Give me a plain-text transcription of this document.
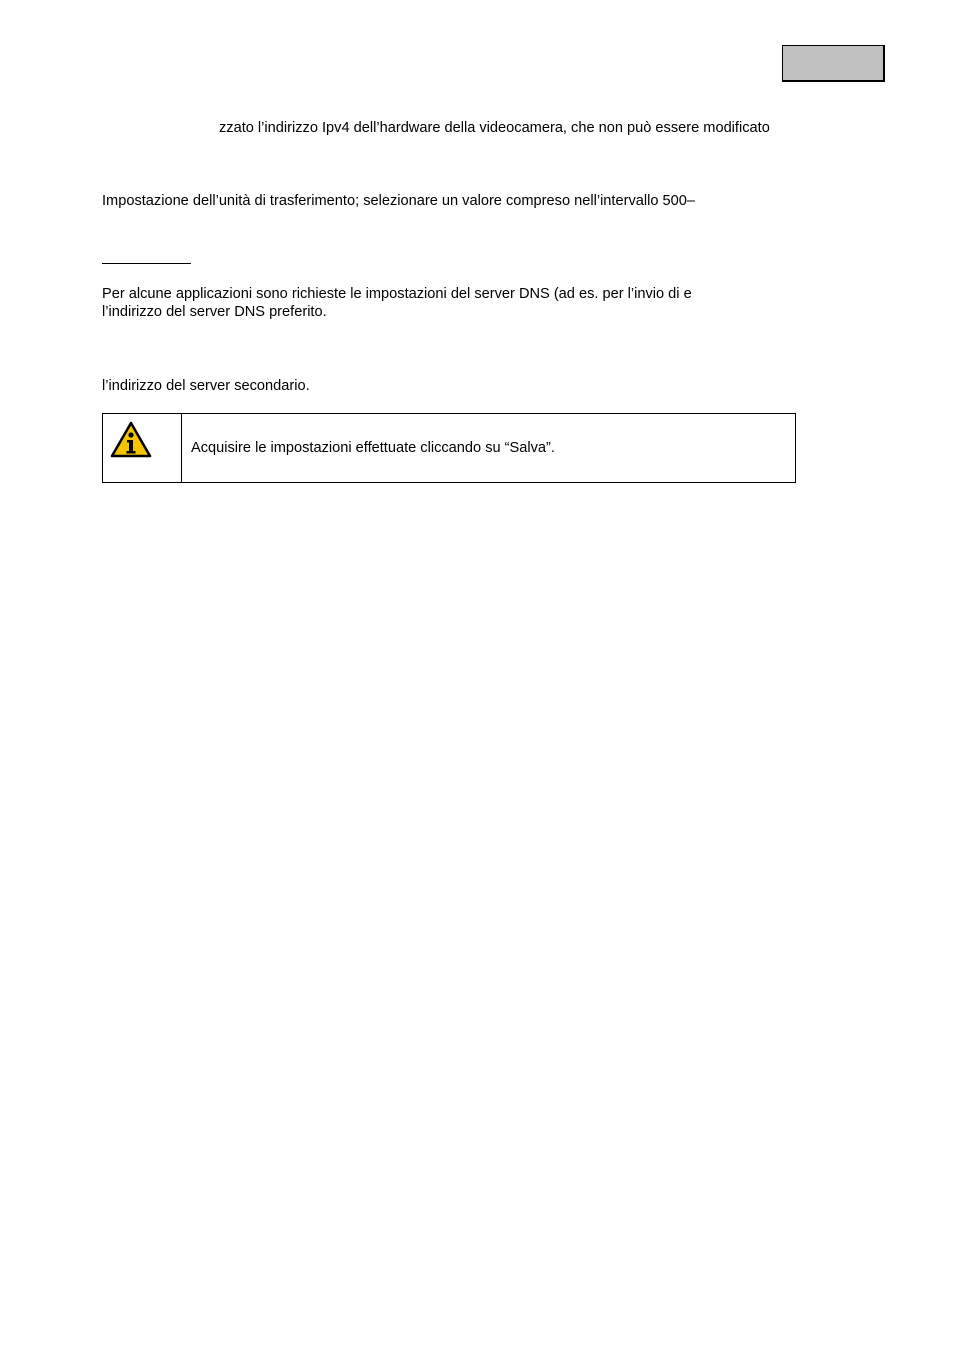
zzato l’indirizzo Ipv4 dell’hardware della videocamera, che non può essere modificato
Impostazione dell’unità di trasferimento; selezionare un valore compreso nell’intervallo 500–
Per alcune applicazioni sono richieste le impostazioni del server DNS (ad es. per l’invio di e
l’indirizzo del server DNS preferito.
l’indirizzo del server secondario.
Acquisire le impostazioni effettuate cliccando su “Salva”.
